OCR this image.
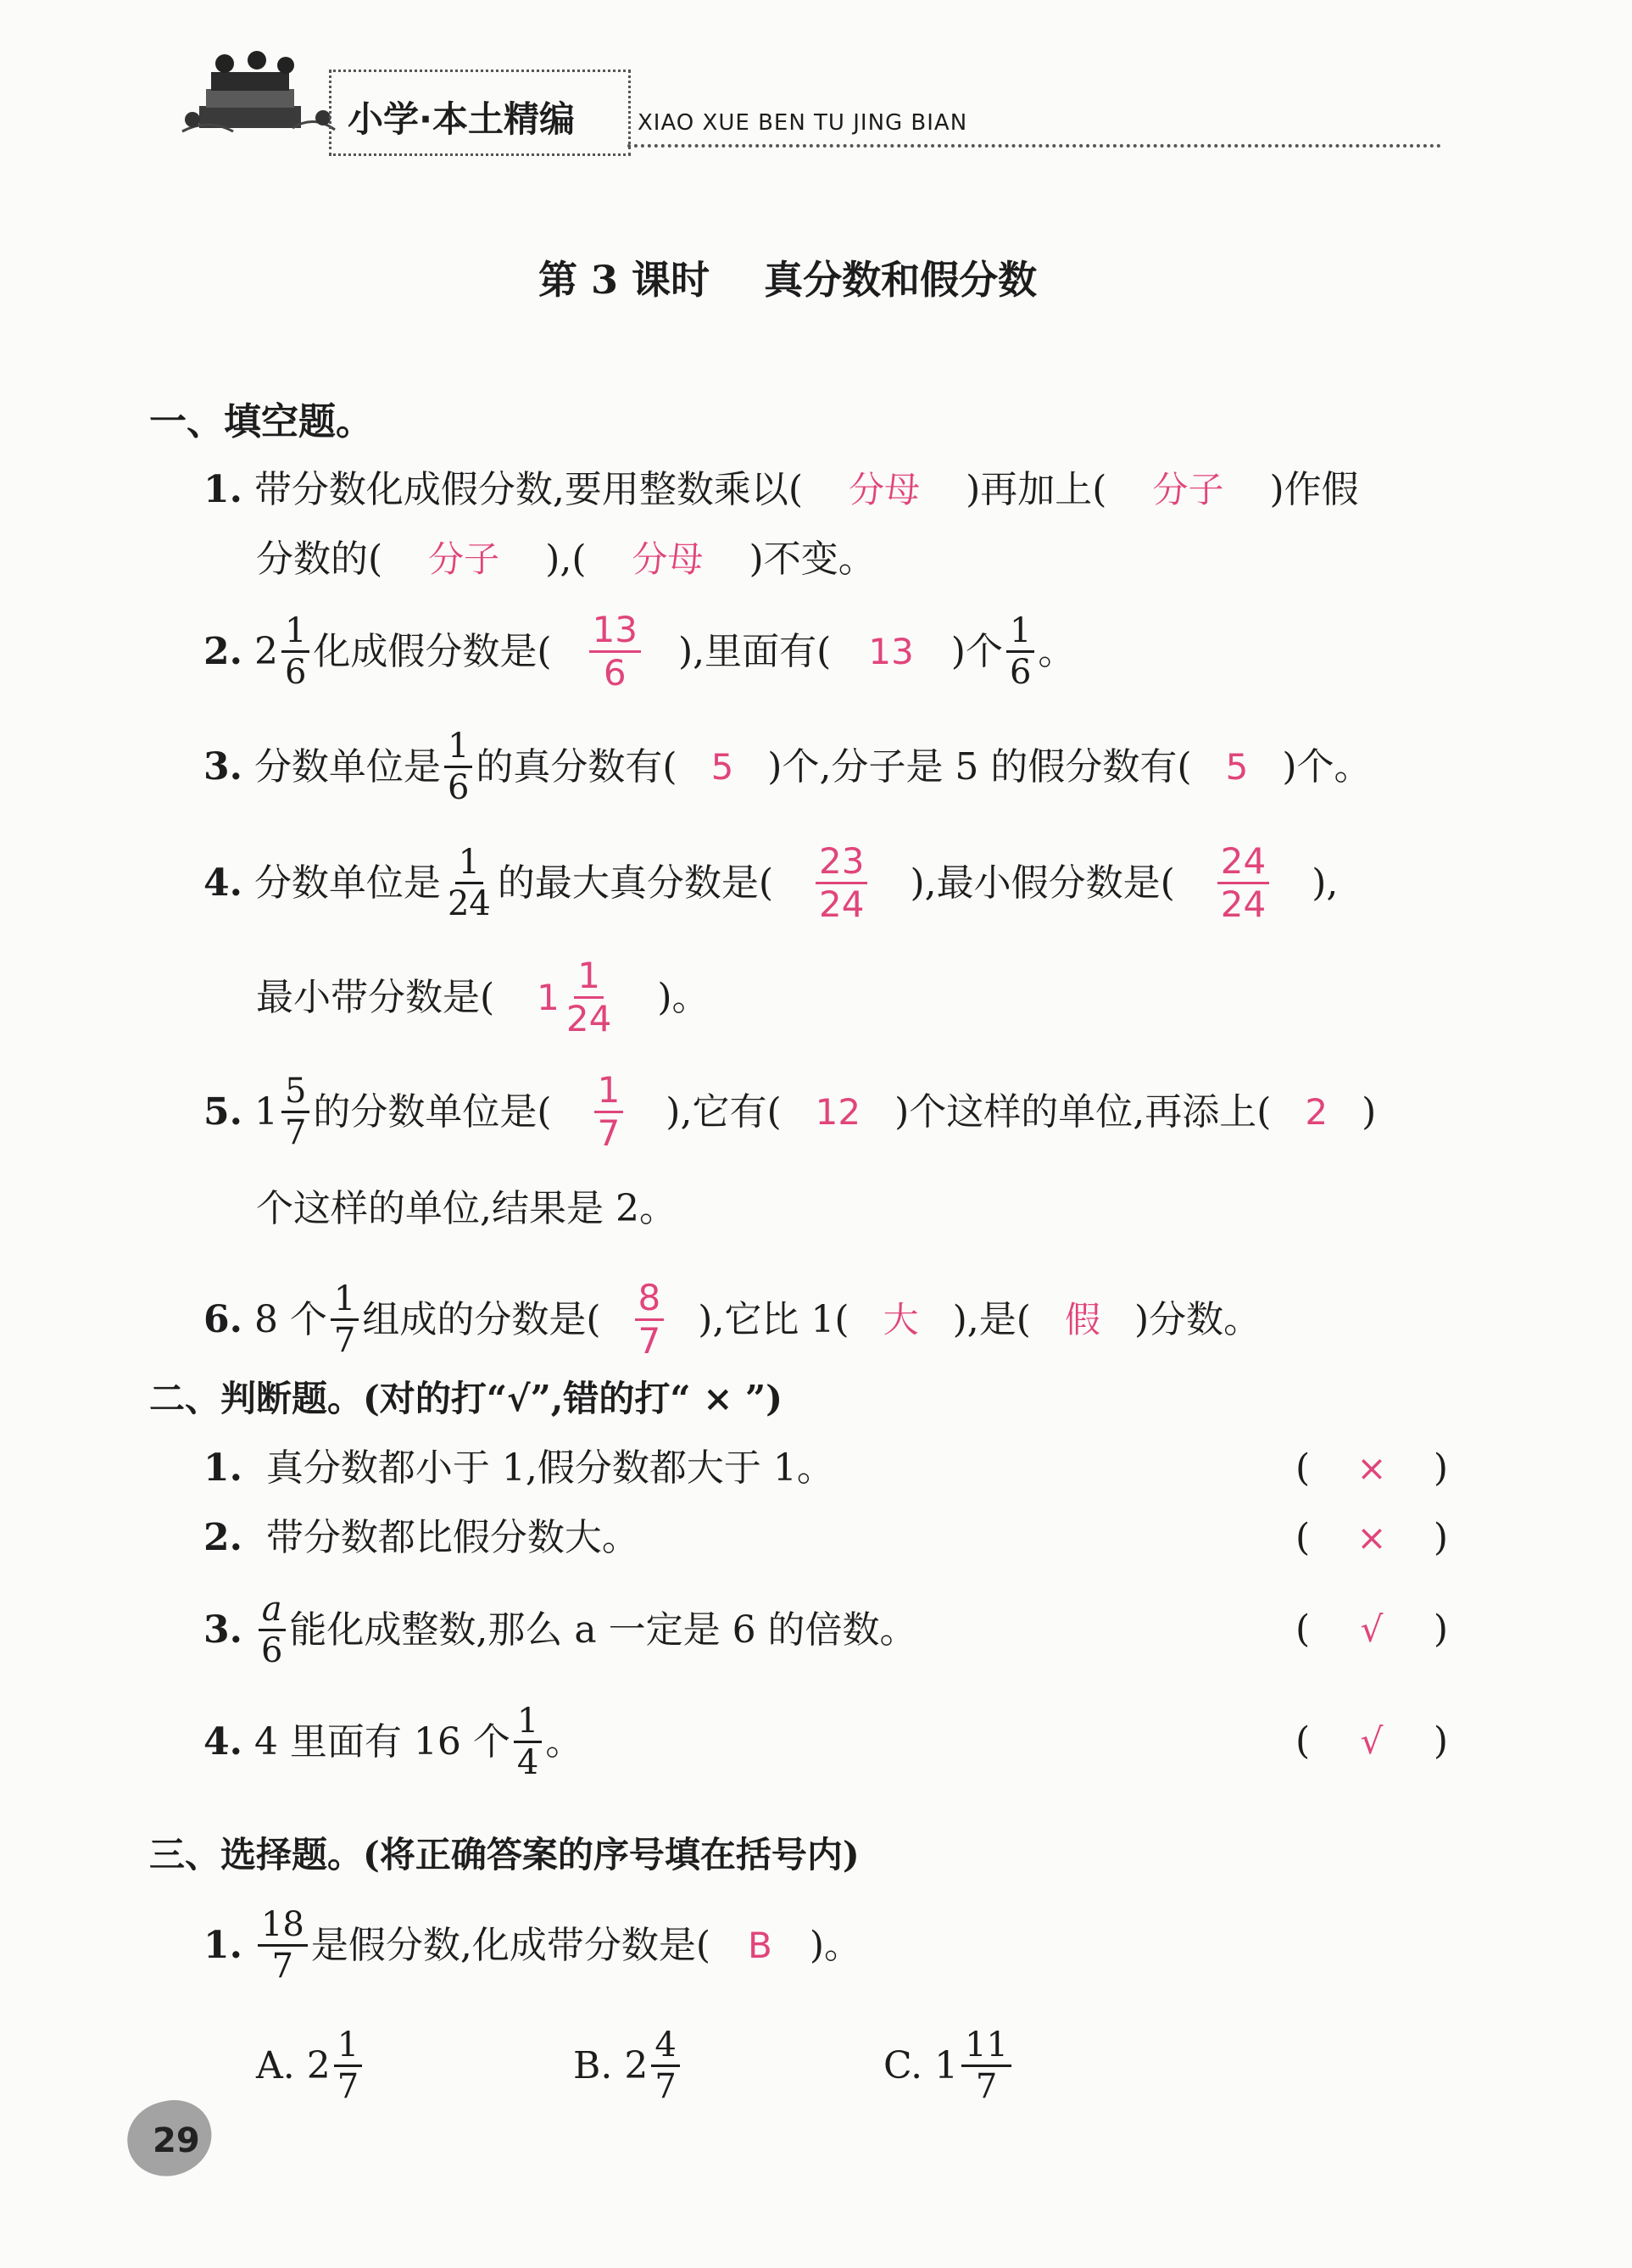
小学·本土精编	XIAO XUE BEN TU JING BIAN
第 3 课时    真分数和假分数
一、填空题。
1. 带分数化成假分数,要用整数乘以( 分母 )再加上( 分子 )作假
分数的( 分子 ),( 分母 )不变。
2.
$2 \frac{1}{6}$ 化成假分数是( $\frac{13}{6}$ ),里面有( 13 )个 $\frac{1}{6}$ 。
3.
分数单位是 $\frac{1}{6}$ 的真分数有( 5 )个,分子是 5 的假分数有( 5 )个。
4.
分数单位是 $\frac{1}{24}$ 的最大真分数是( $\frac{23}{24}$ ),最小假分数是( $\frac{24}{24}$ ),
最小带分数是( $1 \frac{1}{24}$ )。
5.
$1 \frac{5}{7}$ 的分数单位是( $\frac{1}{7}$ ),它有( 12 )个这样的单位,再添上( 2 )
个这样的单位,结果是 2。
6.
8 个 $\frac{1}{7}$ 组成的分数是( $\frac{8}{7}$ ),它比 1( 大 ),是( 假 )分数。
二、判断题。(对的打“√”,错的打“ × ”)
1. 真分数都小于 1,假分数都大于 1。	( × )
2. 带分数都比假分数大。	( × )
3.
$\frac{a}{6}$ 能化成整数,那么 a 一定是 6 的倍数。	( √ )
4.
4 里面有 16 个 $\frac{1}{4}$ 。	( √ )
三、选择题。(将正确答案的序号填在括号内)
1.
$\frac{18}{7}$ 是假分数,化成带分数是( B )。
A.
$2 \frac{1}{7}$	B.
$2 \frac{4}{7}$	C.
$1 \frac{11}{7}$
29
